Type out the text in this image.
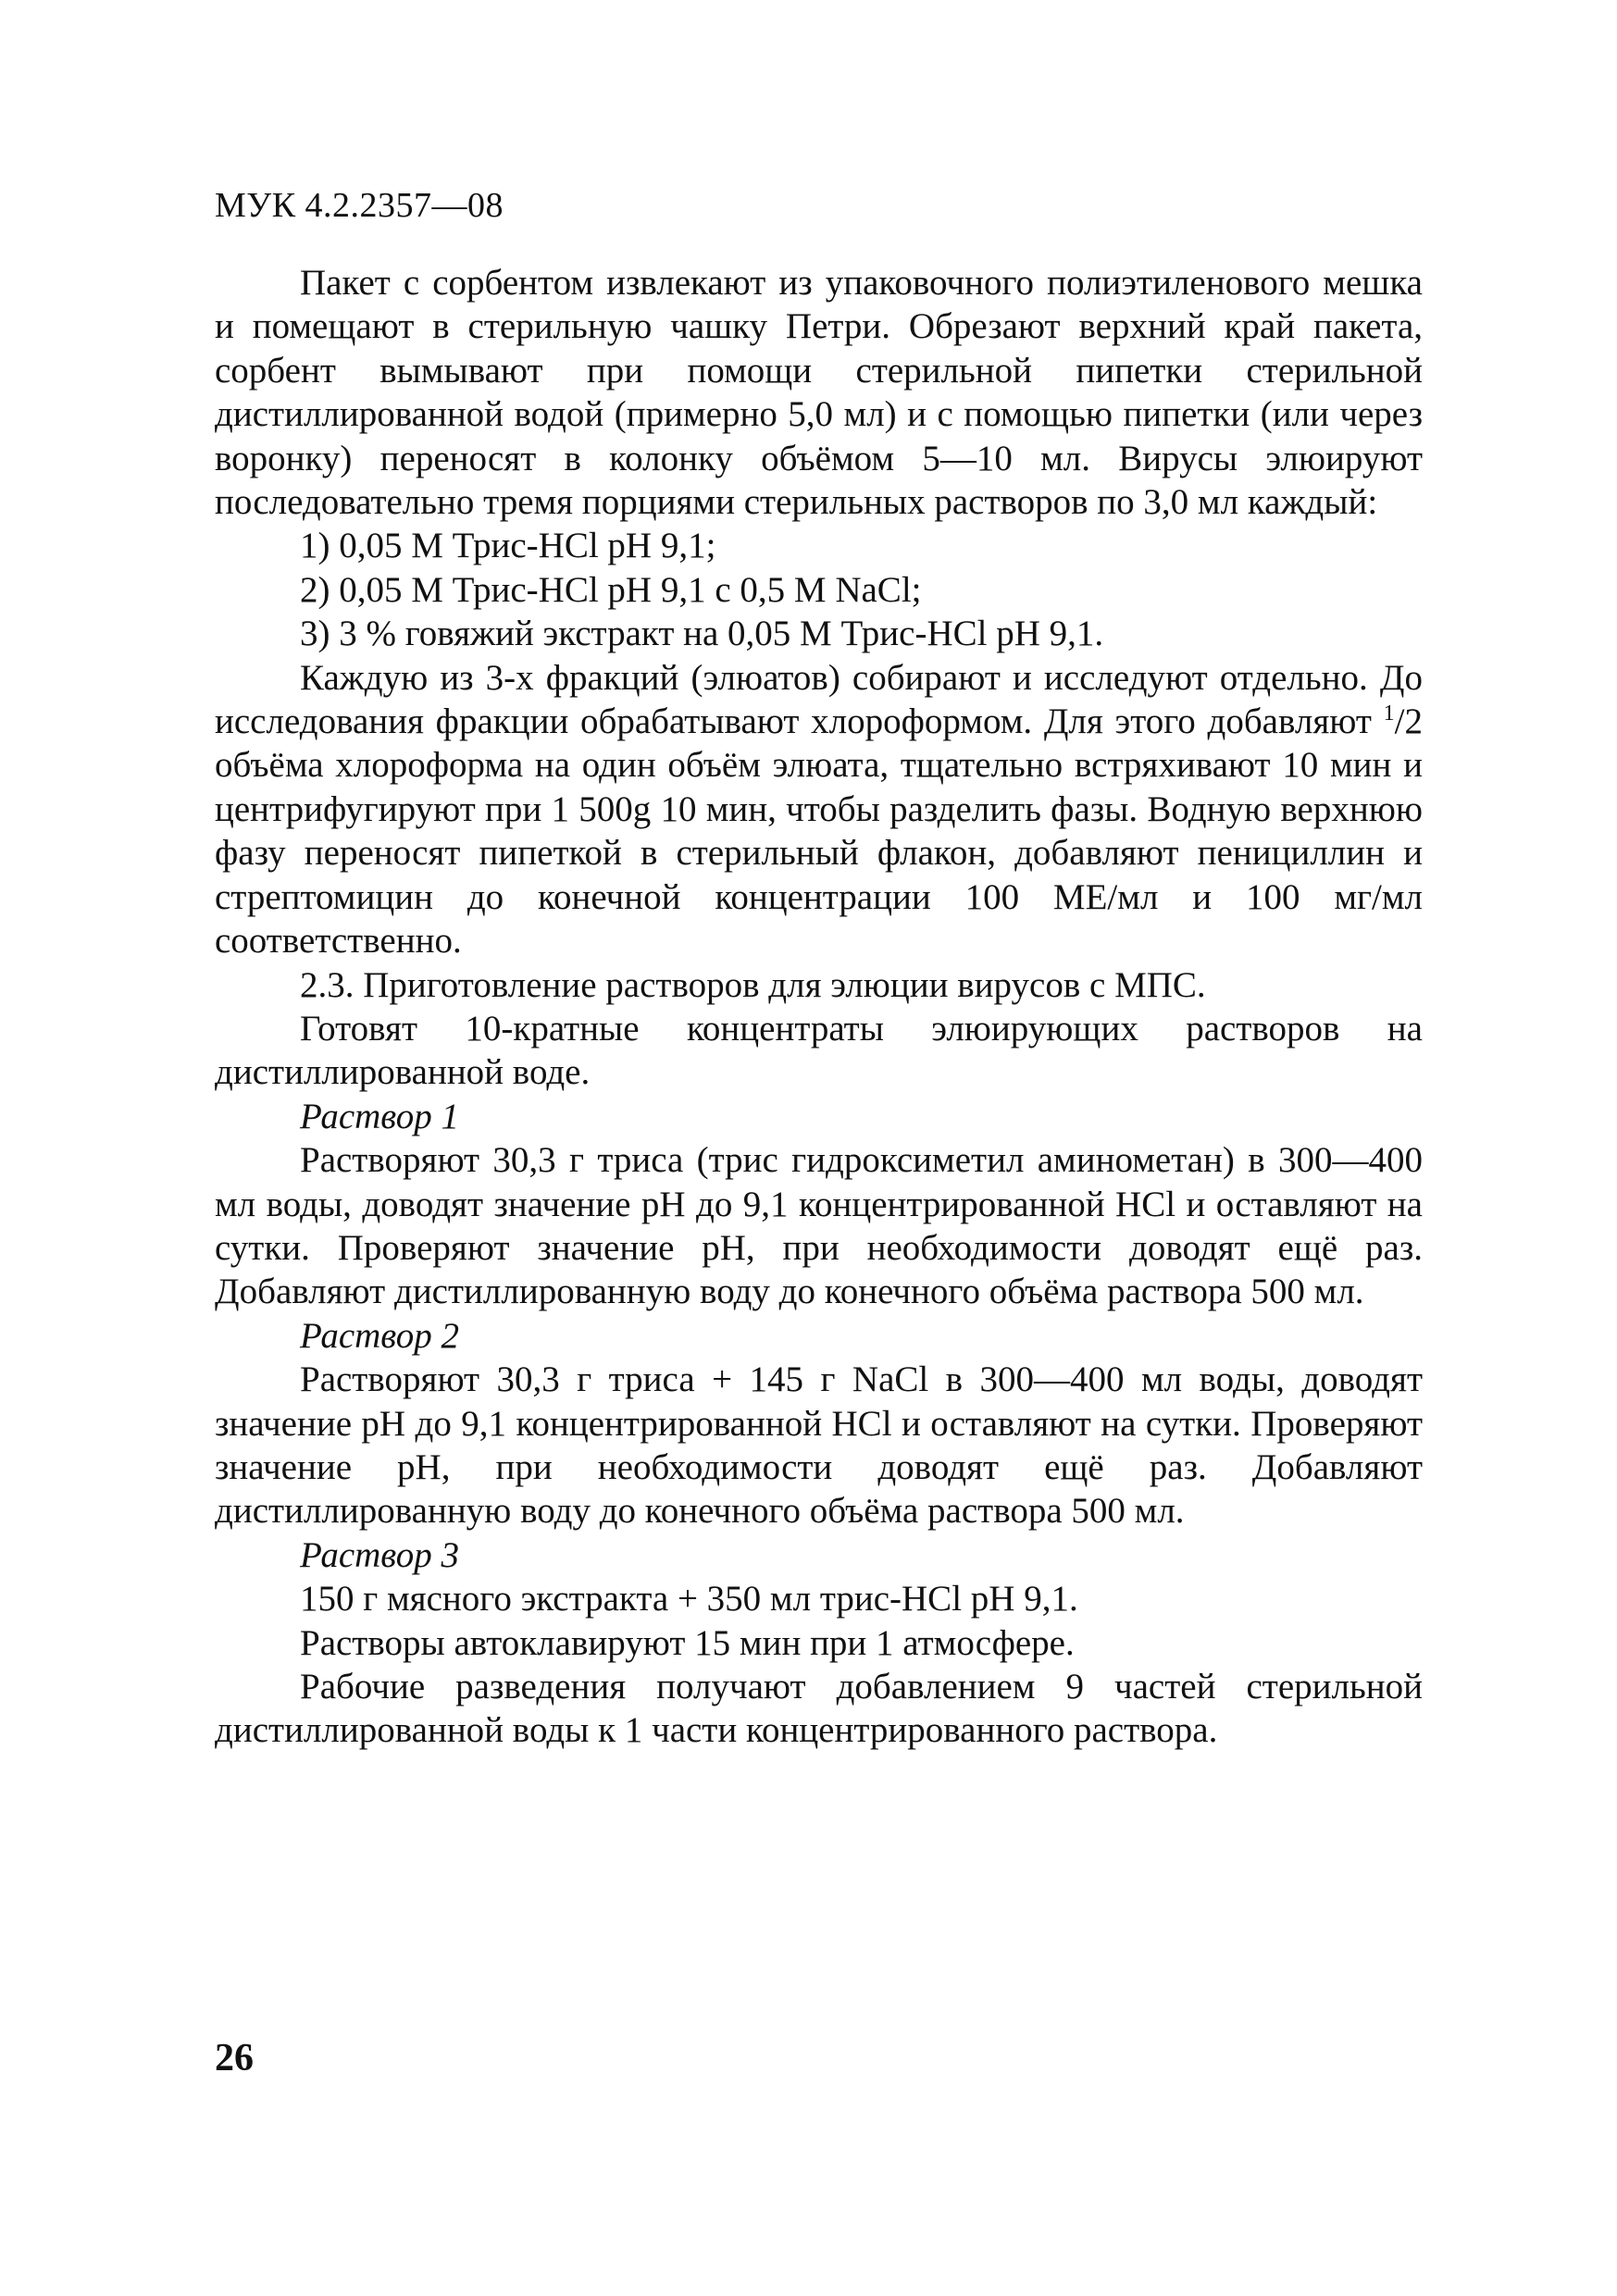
МУК 4.2.2357—08

Пакет с сорбентом извлекают из упаковочного полиэтиленового мешка и помещают в стерильную чашку Петри. Обрезают верхний край пакета, сорбент вымывают при помощи стерильной пипетки стерильной дистиллированной водой (примерно 5,0 мл) и с помощью пипетки (или через воронку) переносят в колонку объёмом 5—10 мл. Вирусы элюируют последовательно тремя порциями стерильных растворов по 3,0 мл каждый:

1) 0,05 М Трис-HCl pH 9,1;

2) 0,05 М Трис-HCl pH 9,1 с 0,5 М NaCl;

3) 3 % говяжий экстракт на 0,05 М Трис-HCl pH 9,1.

Каждую из 3-х фракций (элюатов) собирают и исследуют отдельно. До исследования фракции обрабатывают хлороформом. Для этого добавляют $^1$/2 объёма хлороформа на один объём элюата, тщательно встряхивают 10 мин и центрифугируют при 1 500g 10 мин, чтобы разделить фазы. Водную верхнюю фазу переносят пипеткой в стерильный флакон, добавляют пенициллин и стрептомицин до конечной концентрации 100 МЕ/мл и 100 мг/мл соответственно.

2.3. Приготовление растворов для элюции вирусов с МПС.

Готовят 10-кратные концентраты элюирующих растворов на дистиллированной воде.

Раствор 1

Растворяют 30,3 г триса (трис гидроксиметил аминометан) в 300—400 мл воды, доводят значение pH до 9,1 концентрированной HCl и оставляют на сутки. Проверяют значение pH, при необходимости доводят ещё раз. Добавляют дистиллированную воду до конечного объёма раствора 500 мл.

Раствор 2

Растворяют 30,3 г триса + 145 г NaCl в 300—400 мл воды, доводят значение pH до 9,1 концентрированной HCl и оставляют на сутки. Проверяют значение pH, при необходимости доводят ещё раз. Добавляют дистиллированную воду до конечного объёма раствора 500 мл.

Раствор 3

150 г мясного экстракта + 350 мл трис-HCl pH 9,1.

Растворы автоклавируют 15 мин при 1 атмосфере.

Рабочие разведения получают добавлением 9 частей стерильной дистиллированной воды к 1 части концентрированного раствора.

26
